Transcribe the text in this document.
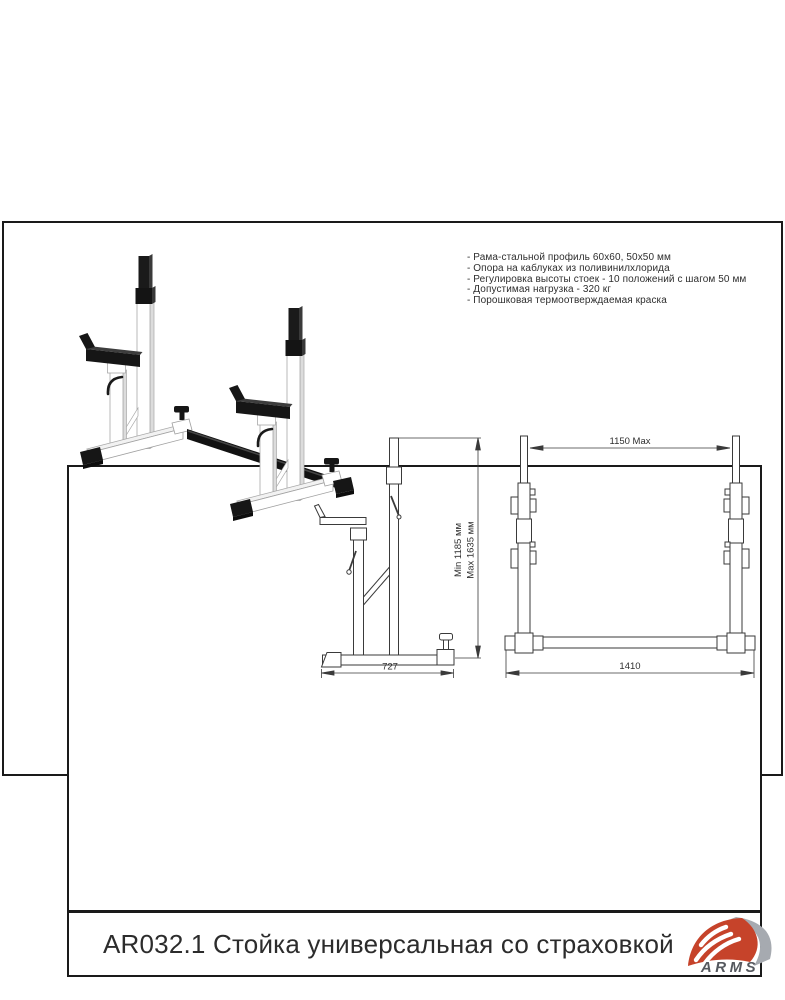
AR032.1 Стойка универсальная со страховкой
ARMS
- Рама-стальной профиль 60х60, 50х50 мм
- Опора на каблуках из поливинилхлорида
- Регулировка высоты стоек - 10 положений с шагом 50 мм
- Допустимая нагрузка - 320 кг
- Порошковая термоотверждаемая краска
Min 1185 мм Max 1635 мм
727
1150 Max
1410
